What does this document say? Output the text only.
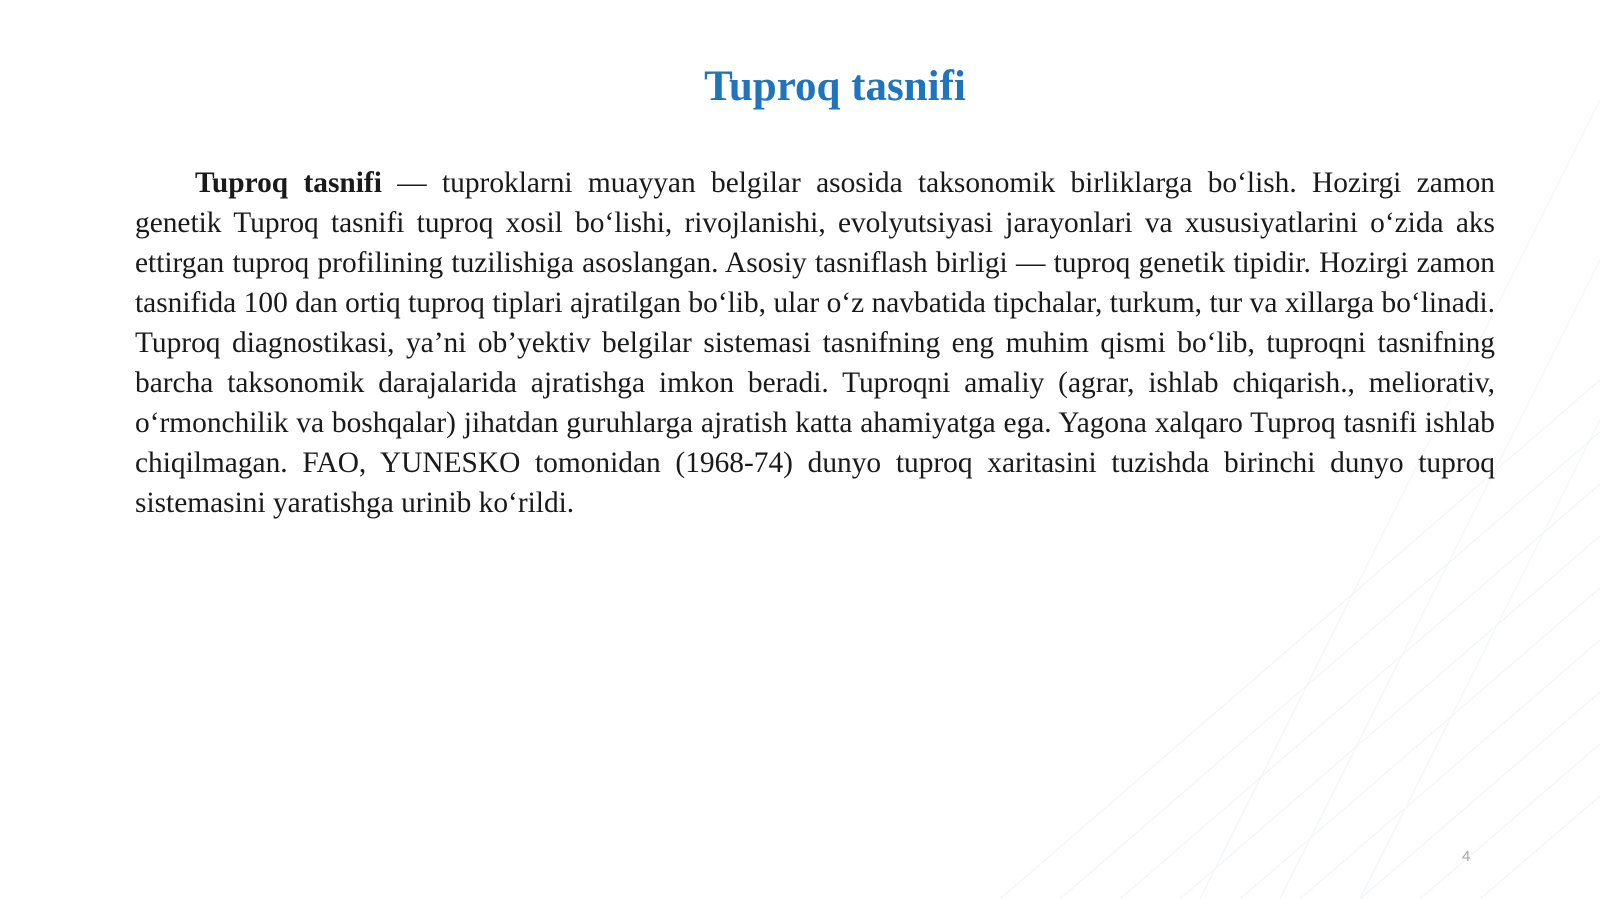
Tuproq tasnifi

Tuproq tasnifi — tuproklarni muayyan belgilar asosida taksonomik birliklarga bo‘lish. Hozirgi zamon genetik Tuproq tasnifi tuproq xosil bo‘lishi, rivojlanishi, evolyutsiyasi jarayonlari va xususiyatlarini o‘zida aks ettirgan tuproq profilining tuzilishiga asoslangan. Asosiy tasniflash birligi — tuproq genetik tipidir. Hozirgi zamon tasnifida 100 dan ortiq tuproq tiplari ajratilgan bo‘lib, ular o‘z navbatida tipchalar, turkum, tur va xillarga bo‘linadi. Tuproq diagnostikasi, ya’ni ob’yektiv belgilar sistemasi tasnifning eng muhim qismi bo‘lib, tuproqni tasnifning barcha taksonomik darajalarida ajratishga imkon beradi. Tuproqni amaliy (agrar, ishlab chiqarish., meliorativ, o‘rmonchilik va boshqalar) jihatdan guruhlarga ajratish katta ahamiyatga ega. Yagona xalqaro Tuproq tasnifi ishlab chiqilmagan. FAO, YUNESKO tomonidan (1968-74) dunyo tuproq xaritasini tuzishda birinchi dunyo tuproq sistemasini yaratishga urinib ko‘rildi.

4
